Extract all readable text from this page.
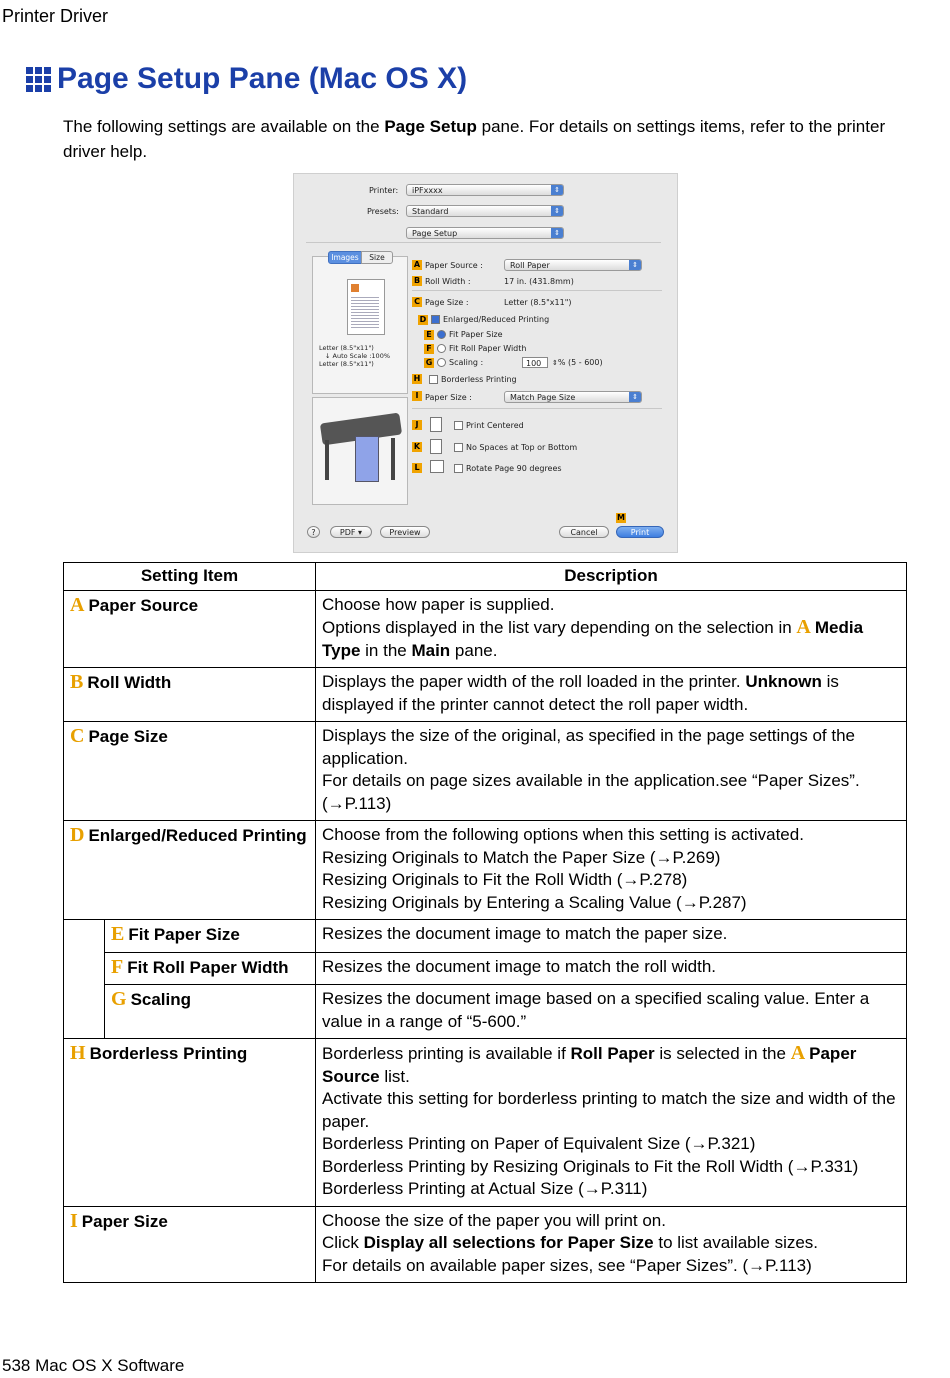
Printer Driver
Page Setup Pane (Mac OS X)
The following settings are available on the Page Setup pane. For details on settings items, refer to the printer driver help.
Printer:	iPFxxxx	⇕
Presets:	Standard	⇕
Page Setup	⇕
Letter (8.5"x11")
↓ Auto Scale :100%
Letter (8.5"x11")
Images	Size
A Paper Source :	Roll Paper	⇕
B Roll Width :	17 in. (431.8mm)
C Page Size :	Letter (8.5"x11")
D	Enlarged/Reduced Printing
E	Fit Paper Size
F	Fit Roll Paper Width
G	Scaling :	100	⇕% (5 - 600)
H	Borderless Printing
I Paper Size :	Match Page Size	⇕
J	Print Centered
K	No Spaces at Top or Bottom
L	Rotate Page 90 degrees
?	PDF ▾	Preview	Cancel
M
Print
Setting Item		Description
A Paper Source		Choose how paper is supplied.
Options displayed in the list vary depending on the selection in A Media Type in the Main pane.

B Roll Width		Displays the paper width of the roll loaded in the printer. Unknown is displayed if the printer cannot detect the roll paper width.
C Page Size		Displays the size of the original, as specified in the page settings of the application.
For details on page sizes available in the application.see “Paper Sizes”. (→P.113)

D Enlarged/Reduced Printing		Choose from the following options when this setting is activated.
Resizing Originals to Match the Paper Size (→P.269)
Resizing Originals to Fit the Roll Width (→P.278)
Resizing Originals by Entering a Scaling Value (→P.287)

	E Fit Paper Size	Resizes the document image to match the paper size.
	F Fit Roll Paper Width	Resizes the document image to match the roll width.
	G Scaling	Resizes the document image based on a specified scaling value. Enter a value in a range of “5-600.”
H Borderless Printing		Borderless printing is available if Roll Paper is selected in the A Paper Source list.
Activate this setting for borderless printing to match the size and width of the paper.
Borderless Printing on Paper of Equivalent Size (→P.321)
Borderless Printing by Resizing Originals to Fit the Roll Width (→P.331)
Borderless Printing at Actual Size (→P.311)

I Paper Size		Choose the size of the paper you will print on.
Click Display all selections for Paper Size to list available sizes.
For details on available paper sizes, see “Paper Sizes”. (→P.113)
538 Mac OS X Software
